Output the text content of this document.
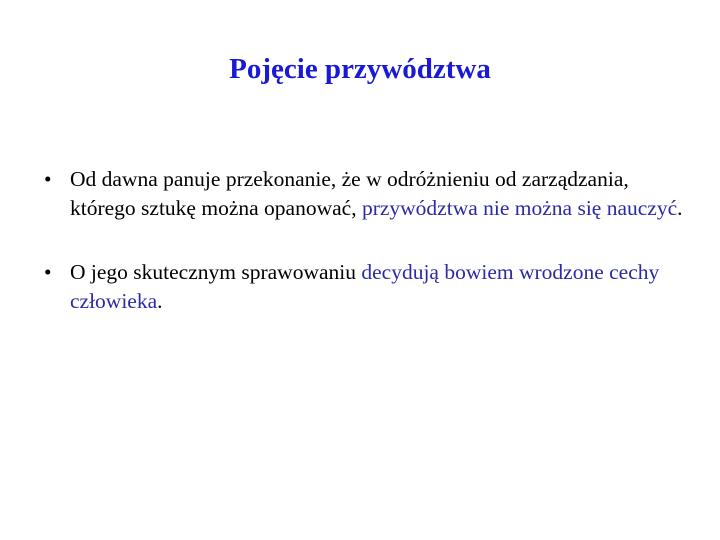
Pojęcie przywództwa
• Od dawna panuje przekonanie, że w odróżnieniu od zarządzania, którego sztukę można opanować, przywództwa nie można się nauczyć.
• O jego skutecznym sprawowaniu decydują bowiem wrodzone cechy człowieka.
